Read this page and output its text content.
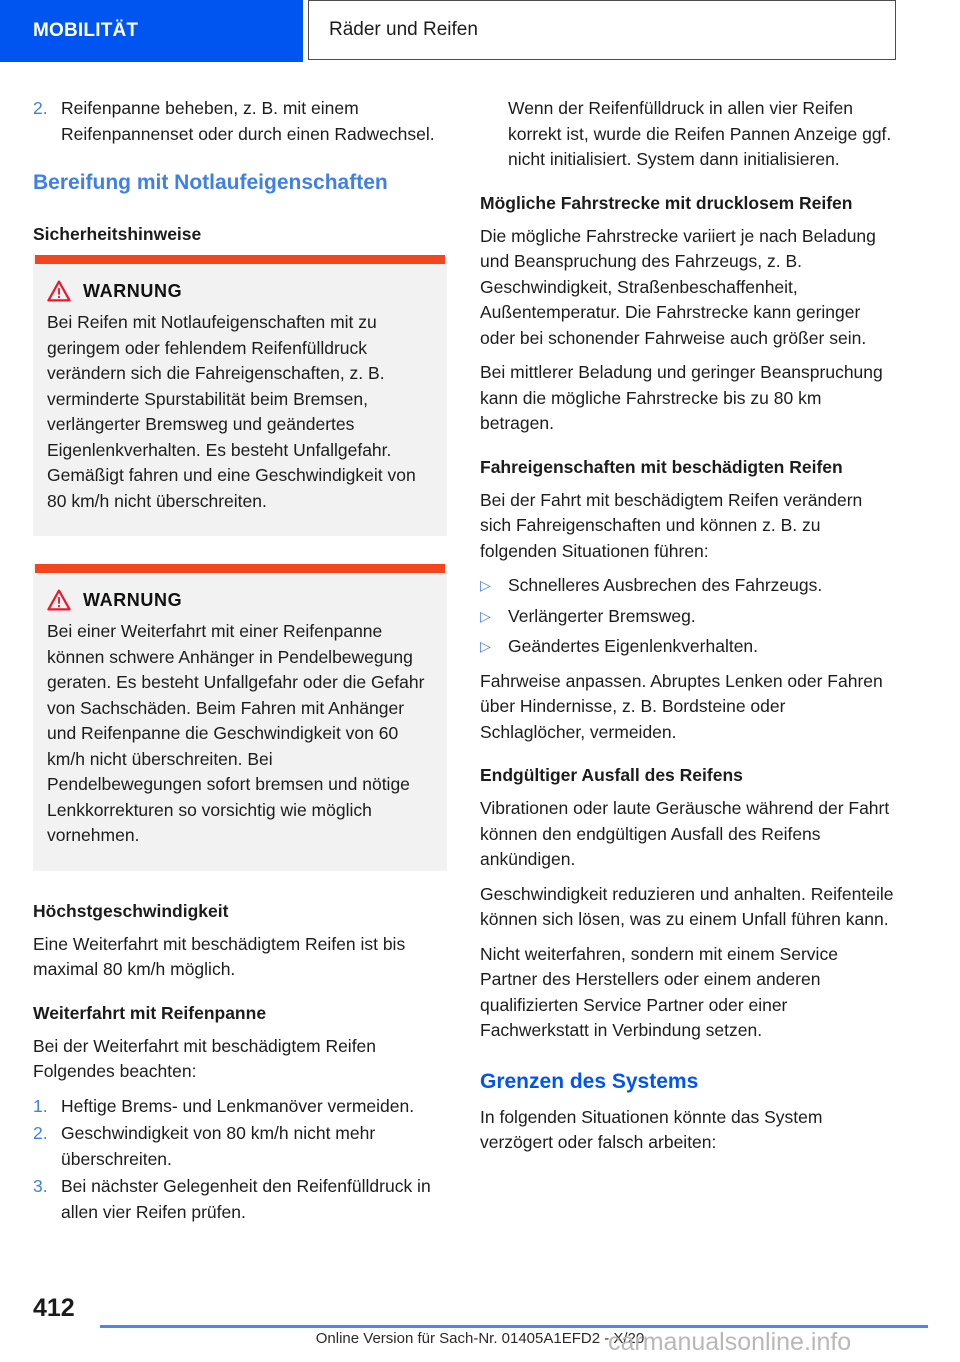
MOBILITÄT	Räder und Reifen
2. Reifenpanne beheben, z. B. mit einem Reifenpannenset oder durch einen Radwechsel.
Bereifung mit Notlaufeigenschaften
Sicherheitshinweise
WARNUNG
Bei Reifen mit Notlaufeigenschaften mit zu geringem oder fehlendem Reifenfülldruck verändern sich die Fahreigenschaften, z. B. verminderte Spurstabilität beim Bremsen, verlängerter Bremsweg und geändertes Eigenlenkverhalten. Es besteht Unfallgefahr. Gemäßigt fahren und eine Geschwindigkeit von 80 km/h nicht überschreiten.
WARNUNG
Bei einer Weiterfahrt mit einer Reifenpanne können schwere Anhänger in Pendelbewegung geraten. Es besteht Unfallgefahr oder die Gefahr von Sachschäden. Beim Fahren mit Anhänger und Reifenpanne die Geschwindigkeit von 60 km/h nicht überschreiten. Bei Pendelbewegungen sofort bremsen und nötige Lenkkorrekturen so vorsichtig wie möglich vornehmen.
Höchstgeschwindigkeit

Eine Weiterfahrt mit beschädigtem Reifen ist bis maximal 80 km/h möglich.

Weiterfahrt mit Reifenpanne

Bei der Weiterfahrt mit beschädigtem Reifen Folgendes beachten:

1. Heftige Brems- und Lenkmanöver vermeiden.
2. Geschwindigkeit von 80 km/h nicht mehr überschreiten.
3. Bei nächster Gelegenheit den Reifenfülldruck in allen vier Reifen prüfen.
Wenn der Reifenfülldruck in allen vier Reifen korrekt ist, wurde die Reifen Pannen Anzeige ggf. nicht initialisiert. System dann initialisieren.
Mögliche Fahrstrecke mit drucklosem Reifen

Die mögliche Fahrstrecke variiert je nach Beladung und Beanspruchung des Fahrzeugs, z. B. Geschwindigkeit, Straßenbeschaffenheit, Außentemperatur. Die Fahrstrecke kann geringer oder bei schonender Fahrweise auch größer sein.

Bei mittlerer Beladung und geringer Beanspruchung kann die mögliche Fahrstrecke bis zu 80 km betragen.

Fahreigenschaften mit beschädigten Reifen

Bei der Fahrt mit beschädigtem Reifen verändern sich Fahreigenschaften und können z. B. zu folgenden Situationen führen:

▷ Schnelleres Ausbrechen des Fahrzeugs.
▷ Verlängerter Bremsweg.
▷ Geändertes Eigenlenkverhalten.

Fahrweise anpassen. Abruptes Lenken oder Fahren über Hindernisse, z. B. Bordsteine oder Schlaglöcher, vermeiden.

Endgültiger Ausfall des Reifens

Vibrationen oder laute Geräusche während der Fahrt können den endgültigen Ausfall des Reifens ankündigen.

Geschwindigkeit reduzieren und anhalten. Reifenteile können sich lösen, was zu einem Unfall führen kann.

Nicht weiterfahren, sondern mit einem Service Partner des Herstellers oder einem anderen qualifizierten Service Partner oder einer Fachwerkstatt in Verbindung setzen.

Grenzen des Systems

In folgenden Situationen könnte das System verzögert oder falsch arbeiten:

412
Online Version für Sach-Nr. 01405A1EFD2 - X/20
carmanualsonline.info
